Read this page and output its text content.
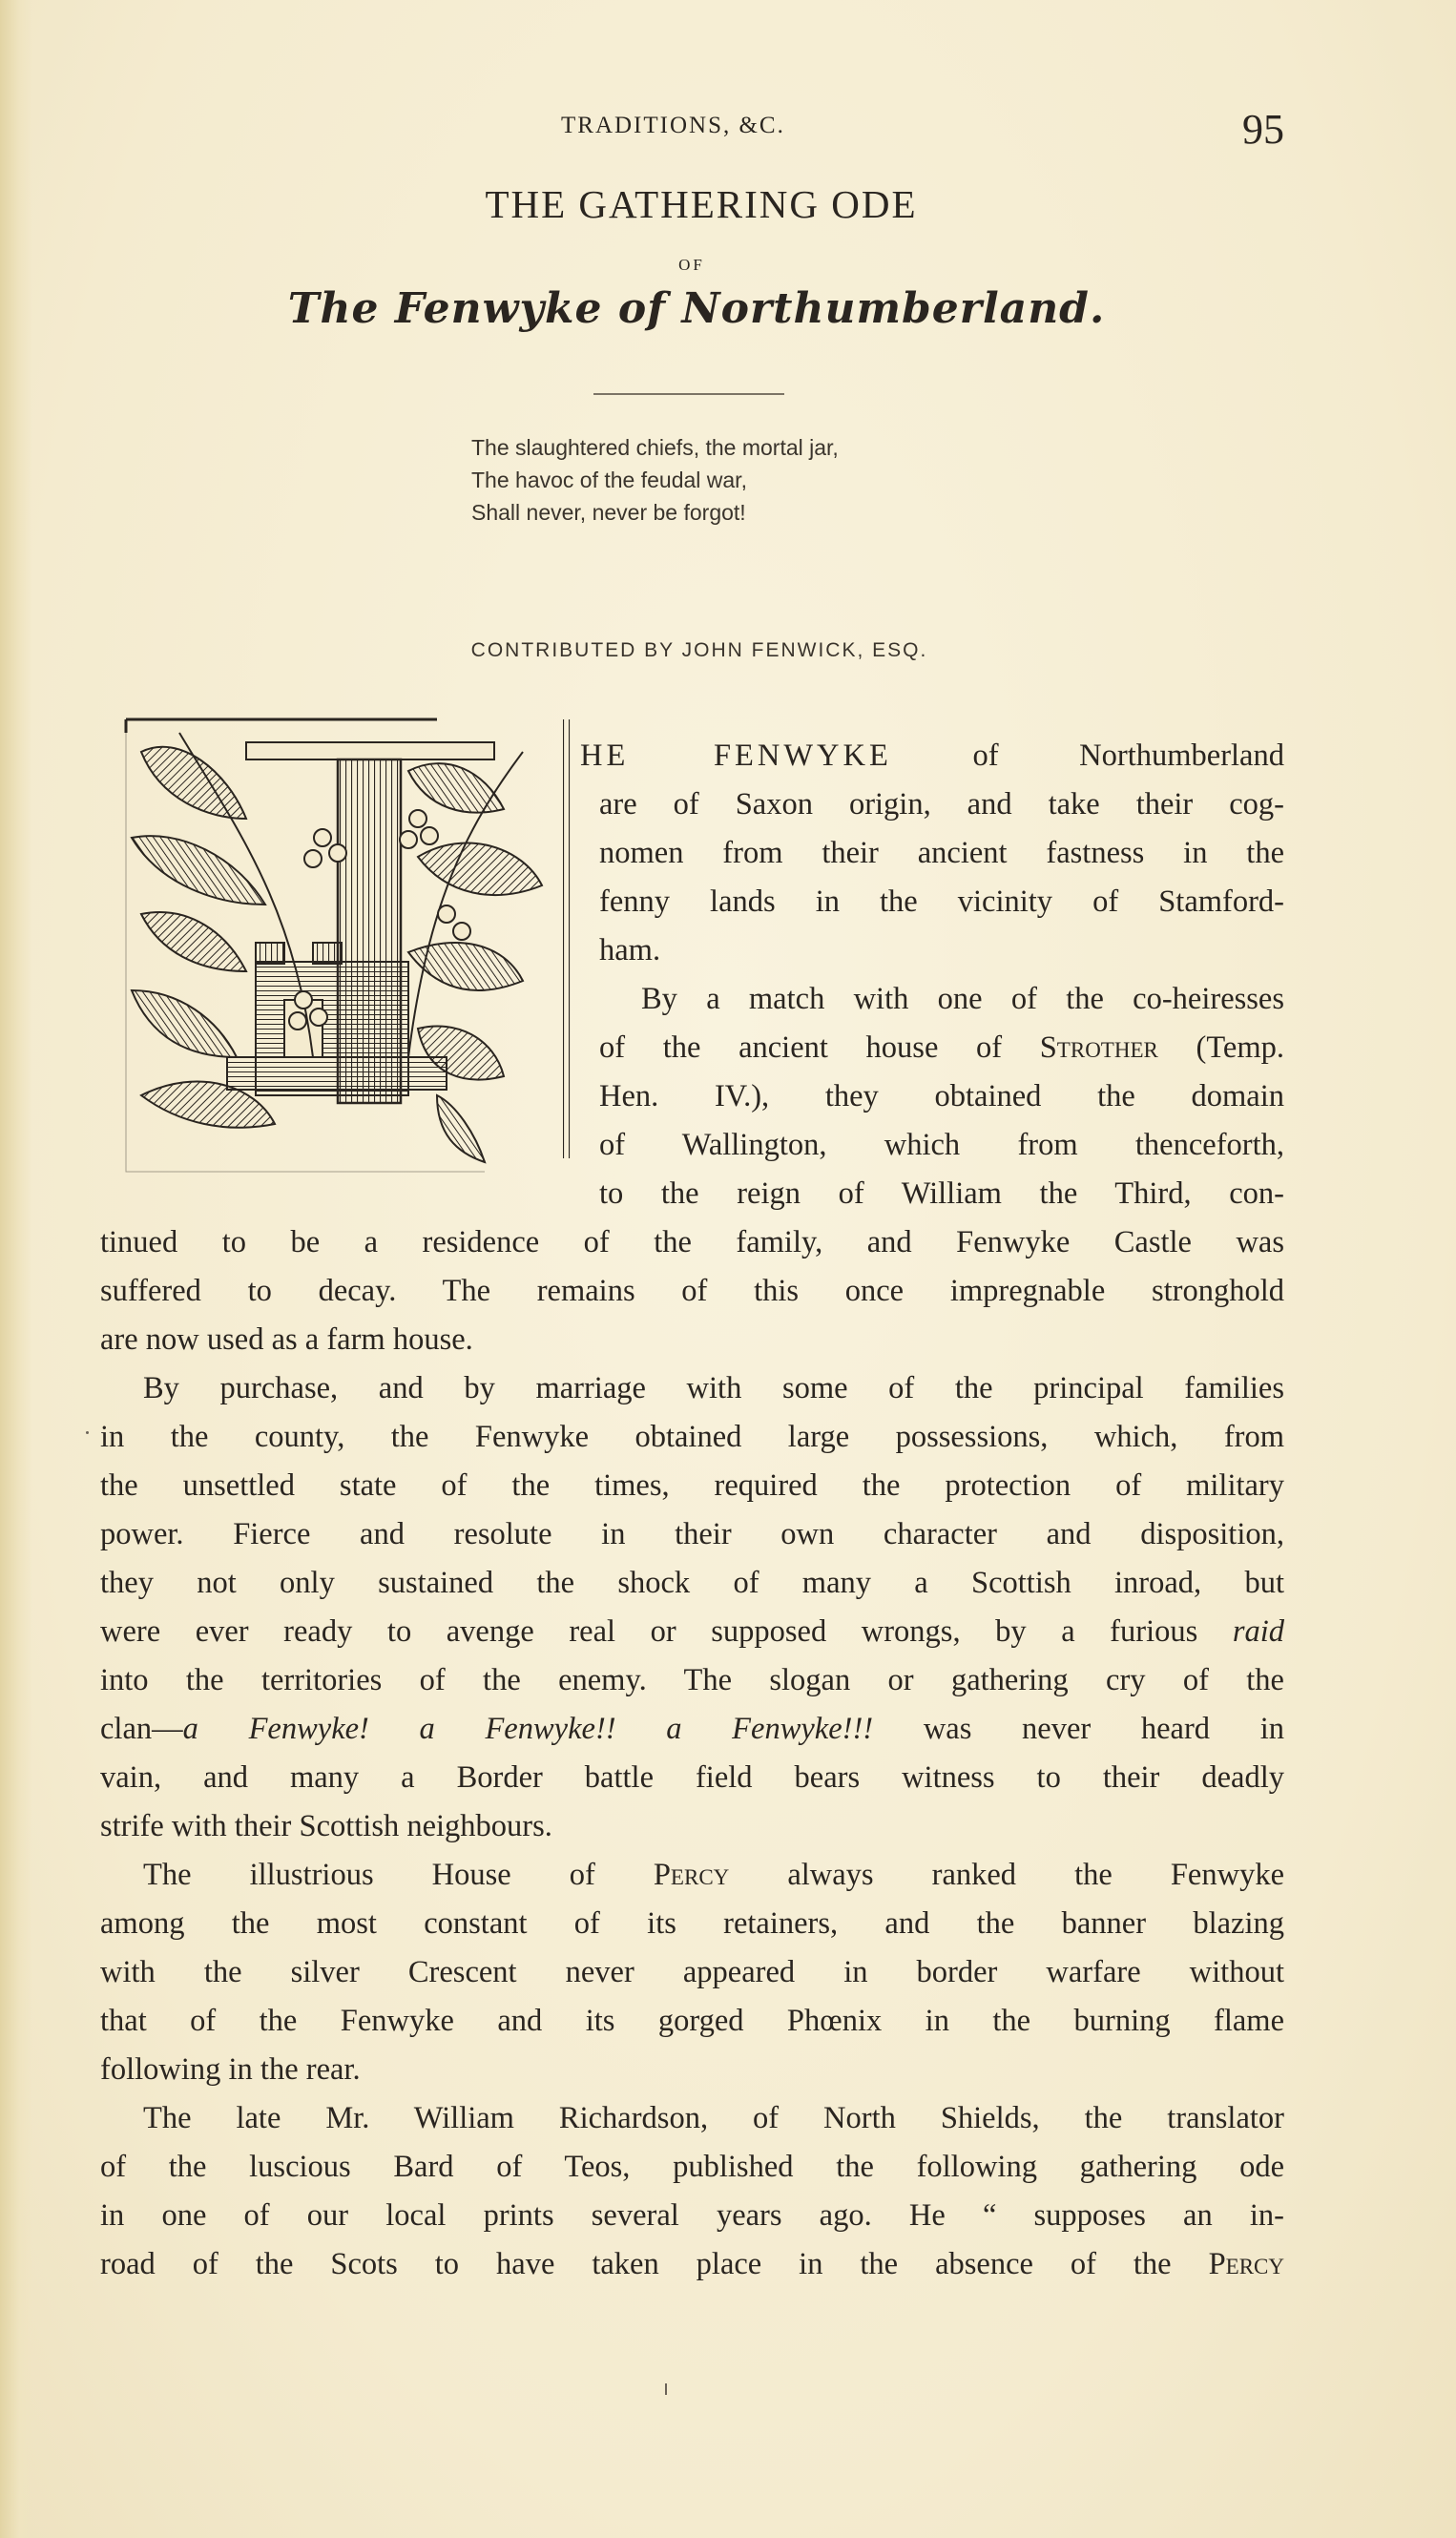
TRADITIONS, &C.	95
THE GATHERING ODE
OF
The Fenwyke of Northumberland.
The slaughtered chiefs, the mortal jar,
The havoc of the feudal war,
Shall never, never be forgot!
CONTRIBUTED BY JOHN FENWICK, ESQ.
HE FENWYKE of Northumberland
are of Saxon origin, and take their cog-
nomen from their ancient fastness in the
fenny lands in the vicinity of Stamford-
ham.
By a match with one of the co-heiresses
of the ancient house of Strother (Temp.
Hen. IV.), they obtained the domain
of Wallington, which from thenceforth,
to the reign of William the Third, con-
tinued to be a residence of the family, and Fenwyke Castle was
suffered to decay. The remains of this once impregnable stronghold
are now used as a farm house.
By purchase, and by marriage with some of the principal families
in the county, the Fenwyke obtained large possessions, which, from
the unsettled state of the times, required the protection of military
power. Fierce and resolute in their own character and disposition,
they not only sustained the shock of many a Scottish inroad, but
were ever ready to avenge real or supposed wrongs, by a furious raid
into the territories of the enemy. The slogan or gathering cry of the
clan—a Fenwyke! a Fenwyke!! a Fenwyke!!! was never heard in
vain, and many a Border battle field bears witness to their deadly
strife with their Scottish neighbours.
The illustrious House of Percy always ranked the Fenwyke
among the most constant of its retainers, and the banner blazing
with the silver Crescent never appeared in border warfare without
that of the Fenwyke and its gorged Phœnix in the burning flame
following in the rear.
The late Mr. William Richardson, of North Shields, the translator
of the luscious Bard of Teos, published the following gathering ode
in one of our local prints several years ago. He “ supposes an in-
road of the Scots to have taken place in the absence of the Percy
